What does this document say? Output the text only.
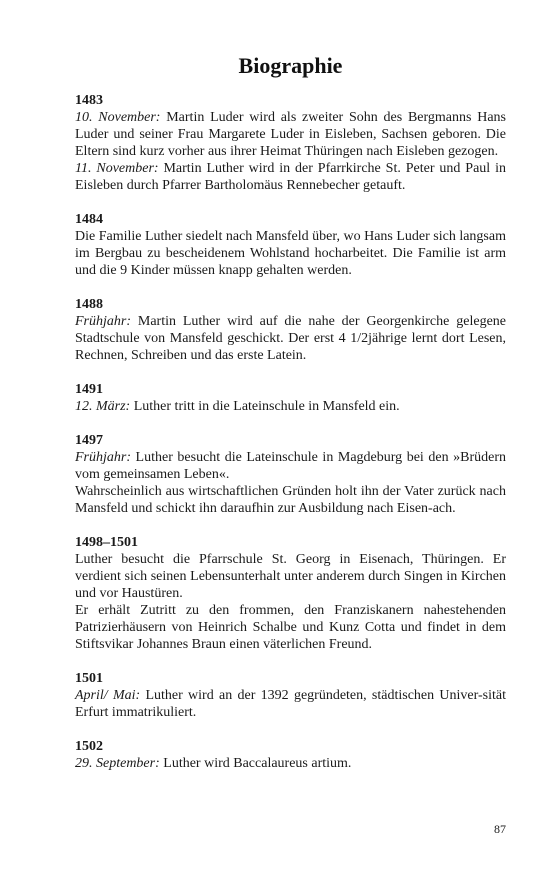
Biographie
1483

10. November: Martin Luder wird als zweiter Sohn des Bergmanns Hans Luder und seiner Frau Margarete Luder in Eisleben, Sachsen geboren. Die Eltern sind kurz vorher aus ihrer Heimat Thüringen nach Eisleben gezogen.

11. November: Martin Luther wird in der Pfarrkirche St. Peter und Paul in Eisleben durch Pfarrer Bartholomäus Rennebecher getauft.

1484

Die Familie Luther siedelt nach Mansfeld über, wo Hans Luder sich langsam im Bergbau zu bescheidenem Wohlstand hocharbeitet. Die Familie ist arm und die 9 Kinder müssen knapp gehalten werden.

1488

Frühjahr: Martin Luther wird auf die nahe der Georgenkirche gelegene Stadtschule von Mansfeld geschickt. Der erst 4 1/2jährige lernt dort Lesen, Rechnen, Schreiben und das erste Latein.

1491

12. März: Luther tritt in die Lateinschule in Mansfeld ein.

1497

Frühjahr: Luther besucht die Lateinschule in Magdeburg bei den »Brüdern vom gemeinsamen Leben«.

Wahrscheinlich aus wirtschaftlichen Gründen holt ihn der Vater zurück nach Mansfeld und schickt ihn daraufhin zur Ausbildung nach Eisen-ach.

1498–1501

Luther besucht die Pfarrschule St. Georg in Eisenach, Thüringen. Er verdient sich seinen Lebensunterhalt unter anderem durch Singen in Kirchen und vor Haustüren.

Er erhält Zutritt zu den frommen, den Franziskanern nahestehenden Patrizierhäusern von Heinrich Schalbe und Kunz Cotta und findet in dem Stiftsvikar Johannes Braun einen väterlichen Freund.

1501

April/ Mai: Luther wird an der 1392 gegründeten, städtischen Univer-sität Erfurt immatrikuliert.

1502

29. September: Luther wird Baccalaureus artium.

87
